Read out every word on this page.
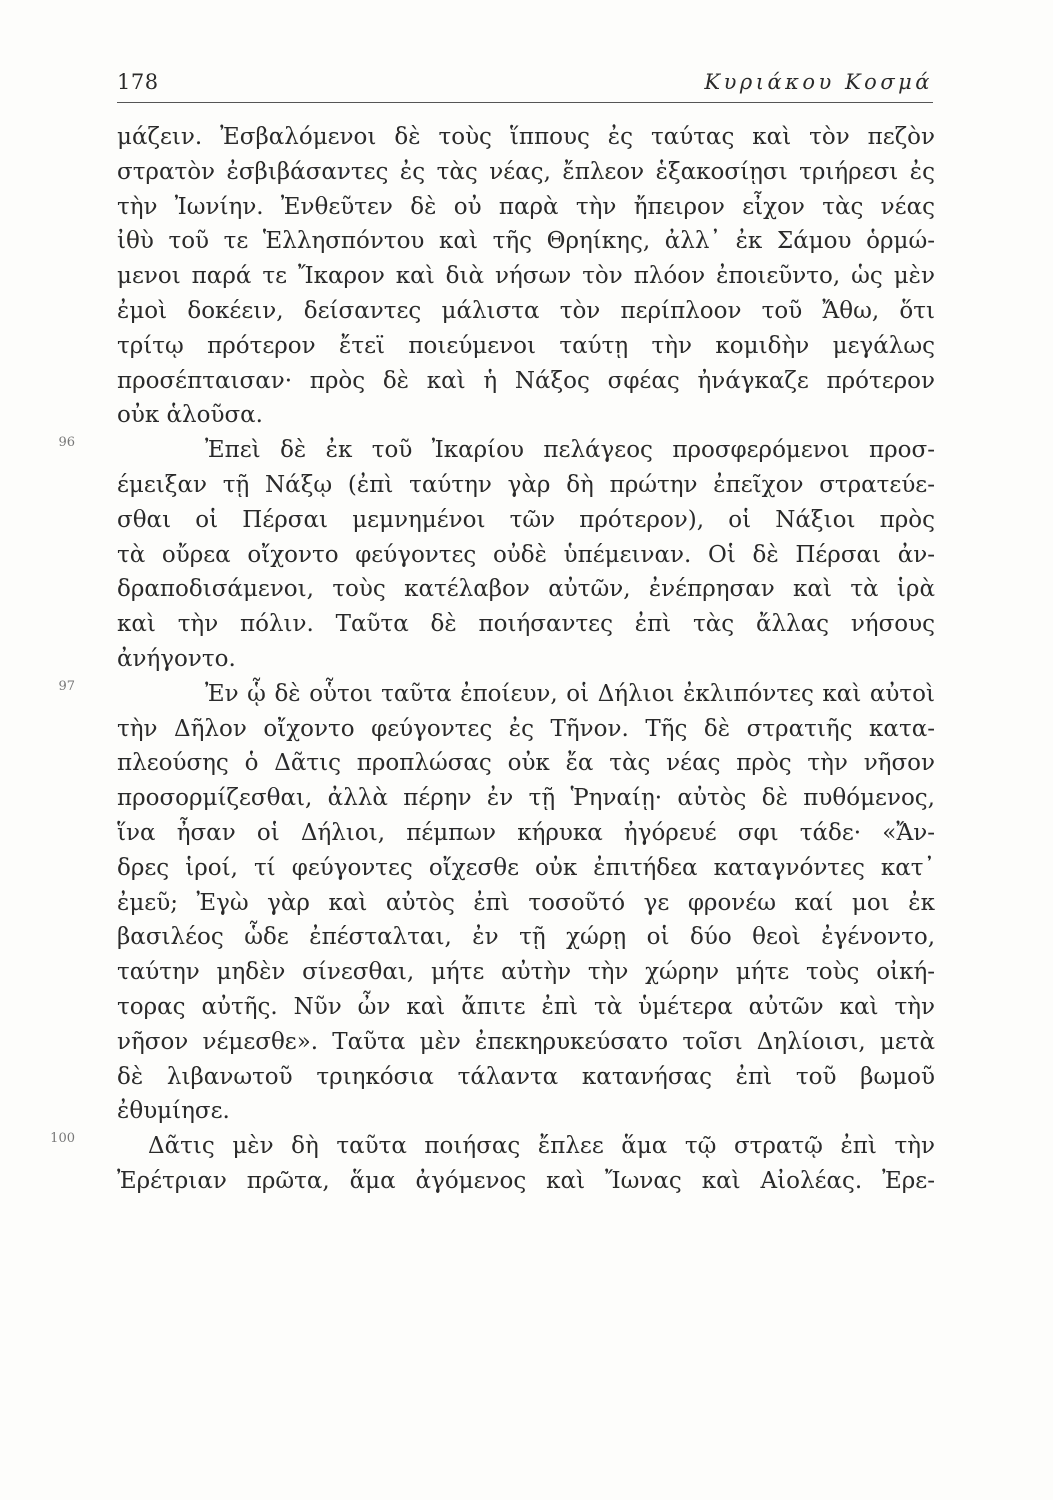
178	Κυριάκου Κοσμά
μάζειν. Ἐσβαλόμενοι δὲ τοὺς ἵππους ἐς ταύτας καὶ τὸν πεζὸν
στρατὸν ἐσβιβάσαντες ἐς τὰς νέας, ἔπλεον ἑξακοσίῃσι τριήρεσι ἐς
τὴν Ἰωνίην. Ἐνθεῦτεν δὲ οὐ παρὰ τὴν ἤπειρον εἶχον τὰς νέας
ἰθὺ τοῦ τε Ἑλλησπόντου καὶ τῆς Θρηίκης, ἀλλ᾽ ἐκ Σάμου ὁρμώ-
μενοι παρά τε Ἴκαρον καὶ διὰ νήσων τὸν πλόον ἐποιεῦντο, ὡς μὲν
ἐμοὶ δοκέειν, δείσαντες μάλιστα τὸν περίπλοον τοῦ Ἄθω, ὅτι
τρίτῳ πρότερον ἔτεϊ ποιεύμενοι ταύτῃ τὴν κομιδὴν μεγάλως
προσέπταισαν· πρὸς δὲ καὶ ἡ Νάξος σφέας ἠνάγκαζε πρότερον
οὐκ ἁλοῦσα.
96	Ἐπεὶ δὲ ἐκ τοῦ Ἰκαρίου πελάγεος προσφερόμενοι προσ-
έμειξαν τῇ Νάξῳ (ἐπὶ ταύτην γὰρ δὴ πρώτην ἐπεῖχον στρατεύε-
σθαι οἱ Πέρσαι μεμνημένοι τῶν πρότερον), οἱ Νάξιοι πρὸς
τὰ οὔρεα οἴχοντο φεύγοντες οὐδὲ ὑπέμειναν. Οἱ δὲ Πέρσαι ἀν-
δραποδισάμενοι, τοὺς κατέλαβον αὐτῶν, ἐνέπρησαν καὶ τὰ ἱρὰ
καὶ τὴν πόλιν. Ταῦτα δὲ ποιήσαντες ἐπὶ τὰς ἄλλας νήσους
ἀνήγοντο.
97	Ἐν ᾧ δὲ οὗτοι ταῦτα ἐποίευν, οἱ Δήλιοι ἐκλιπόντες καὶ αὐτοὶ
τὴν Δῆλον οἴχοντο φεύγοντες ἐς Τῆνον. Τῆς δὲ στρατιῆς κατα-
πλεούσης ὁ Δᾶτις προπλώσας οὐκ ἔα τὰς νέας πρὸς τὴν νῆσον
προσορμίζεσθαι, ἀλλὰ πέρην ἐν τῇ Ῥηναίῃ· αὐτὸς δὲ πυθόμενος,
ἵνα ἦσαν οἱ Δήλιοι, πέμπων κήρυκα ἠγόρευέ σφι τάδε· «Ἄν-
δρες ἱροί, τί φεύγοντες οἴχεσθε οὐκ ἐπιτήδεα καταγνόντες κατ᾽
ἐμεῦ; Ἐγὼ γὰρ καὶ αὐτὸς ἐπὶ τοσοῦτό γε φρονέω καί μοι ἐκ
βασιλέος ὧδε ἐπέσταλται, ἐν τῇ χώρῃ οἱ δύο θεοὶ ἐγένοντο,
ταύτην μηδὲν σίνεσθαι, μήτε αὐτὴν τὴν χώρην μήτε τοὺς οἰκή-
τορας αὐτῆς. Νῦν ὦν καὶ ἄπιτε ἐπὶ τὰ ὑμέτερα αὐτῶν καὶ τὴν
νῆσον νέμεσθε». Ταῦτα μὲν ἐπεκηρυκεύσατο τοῖσι Δηλίοισι, μετὰ
δὲ λιβανωτοῦ τριηκόσια τάλαντα κατανήσας ἐπὶ τοῦ βωμοῦ
ἐθυμίησε.
100	Δᾶτις μὲν δὴ ταῦτα ποιήσας ἔπλεε ἅμα τῷ στρατῷ ἐπὶ τὴν
Ἐρέτριαν πρῶτα, ἅμα ἀγόμενος καὶ Ἴωνας καὶ Αἰολέας. Ἐρε-
